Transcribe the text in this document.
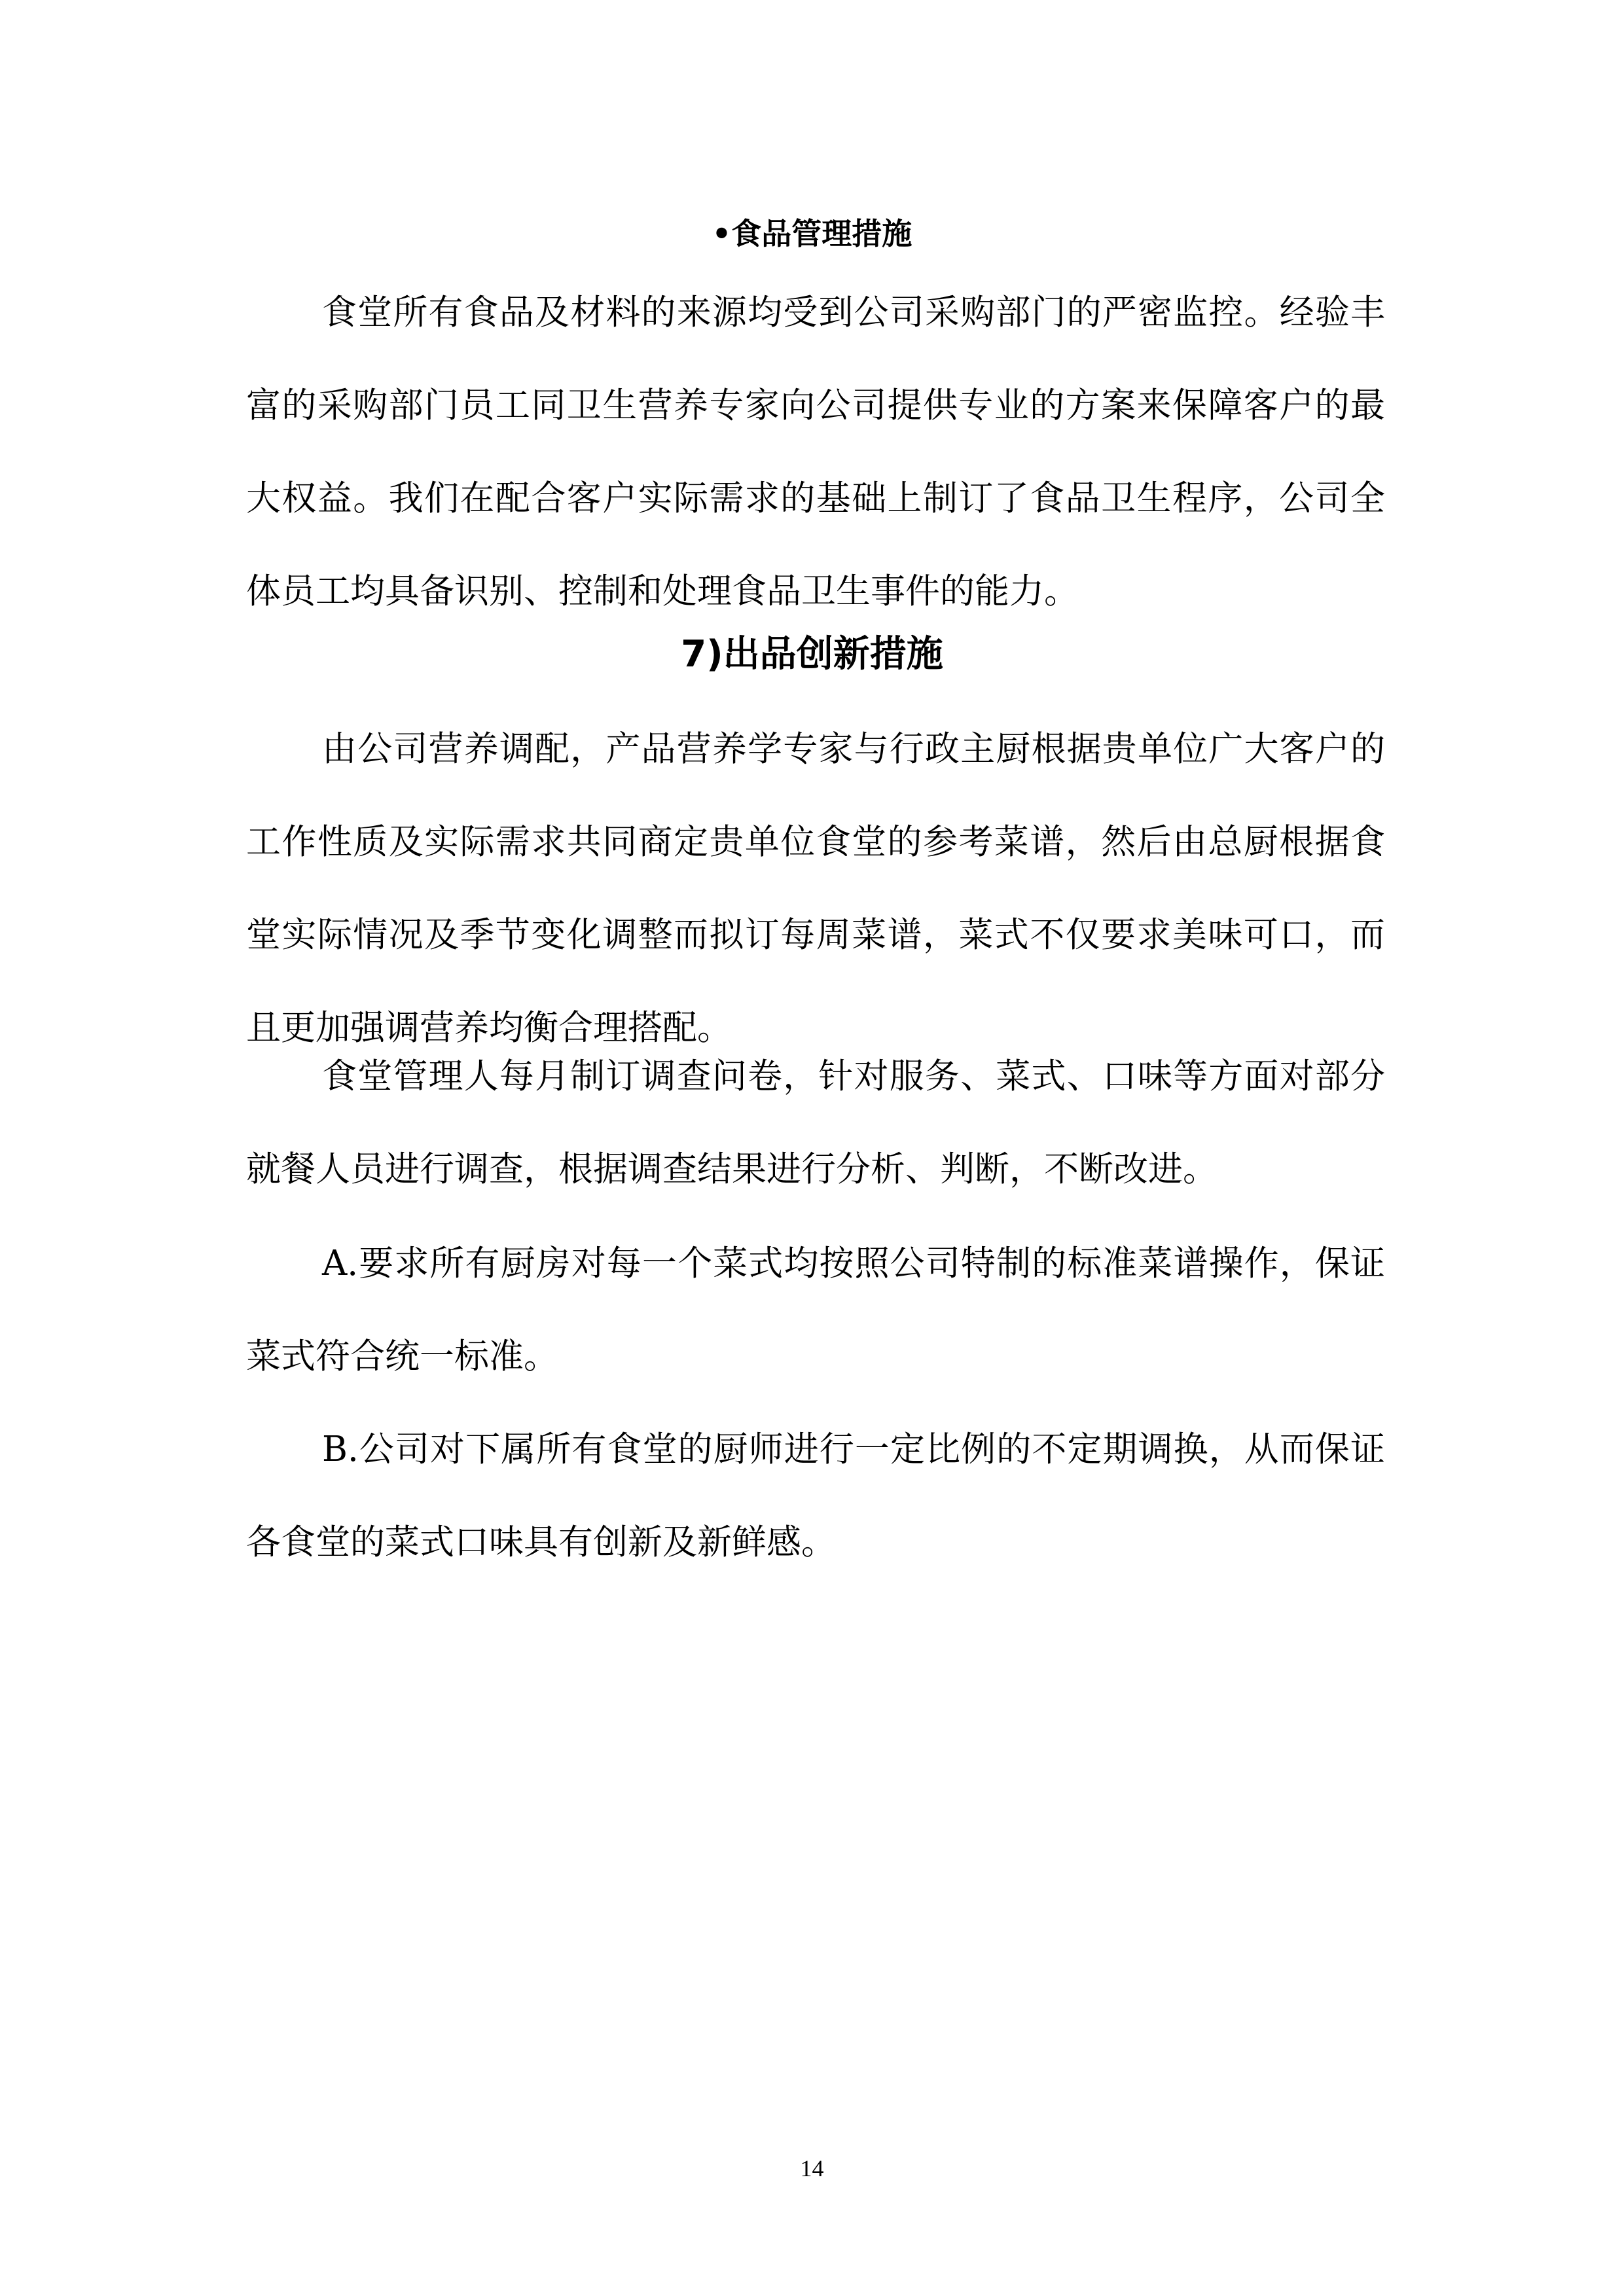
•食品管理措施

食堂所有食品及材料的来源均受到公司采购部门的严密监控。经验丰富的采购部门员工同卫生营养专家向公司提供专业的方案来保障客户的最大权益。我们在配合客户实际需求的基础上制订了食品卫生程序，公司全体员工均具备识别、控制和处理食品卫生事件的能力。

7)出品创新措施

由公司营养调配，产品营养学专家与行政主厨根据贵单位广大客户的工作性质及实际需求共同商定贵单位食堂的参考菜谱，然后由总厨根据食堂实际情况及季节变化调整而拟订每周菜谱，菜式不仅要求美味可口，而且更加强调营养均衡合理搭配。

食堂管理人每月制订调查问卷，针对服务、菜式、口味等方面对部分就餐人员进行调查，根据调查结果进行分析、判断，不断改进。

A.要求所有厨房对每一个菜式均按照公司特制的标准菜谱操作，保证菜式符合统一标准。

B.公司对下属所有食堂的厨师进行一定比例的不定期调换，从而保证各食堂的菜式口味具有创新及新鲜感。

14
